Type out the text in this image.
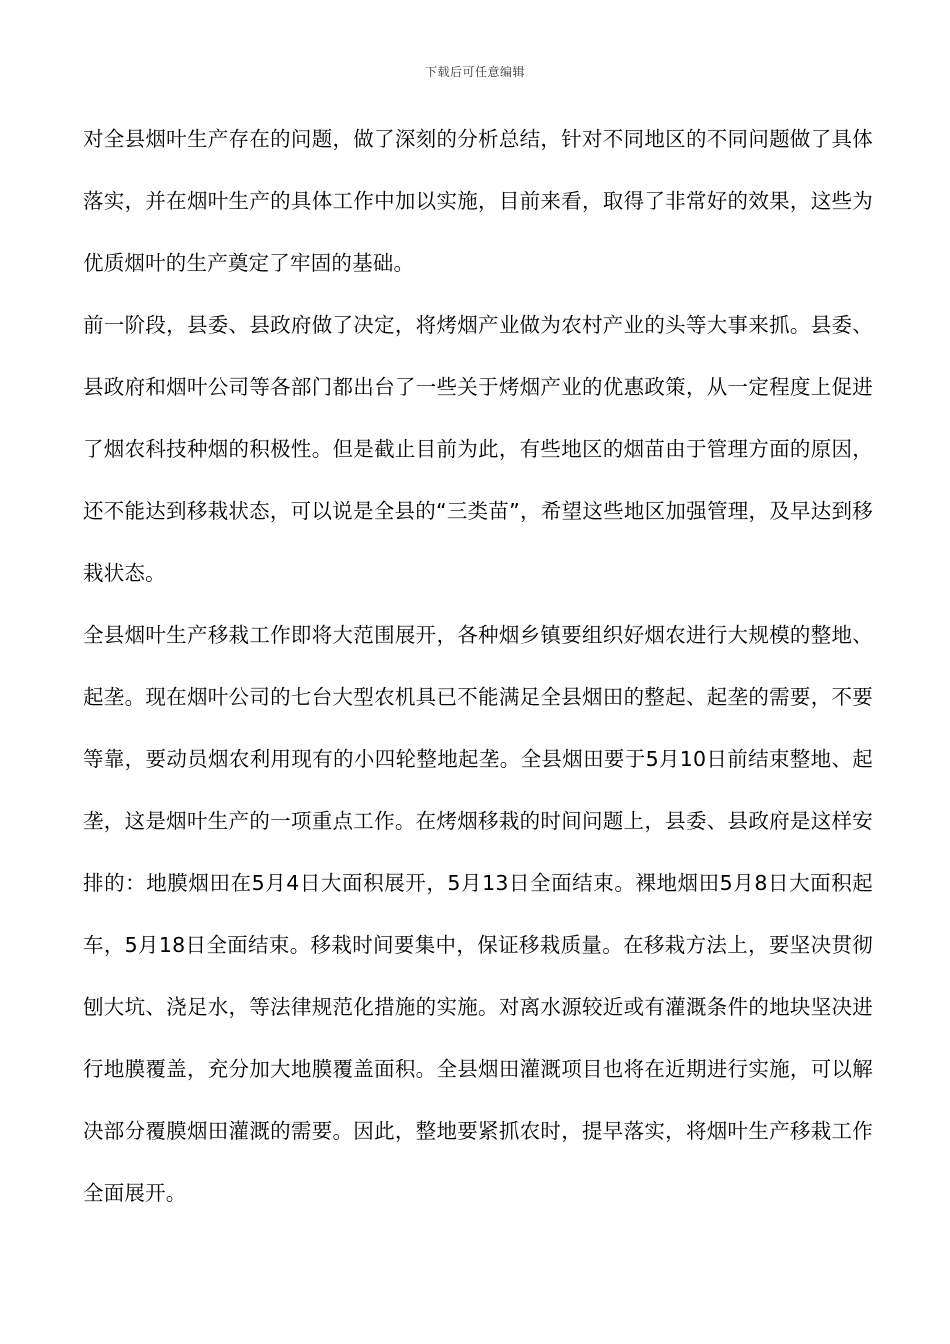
下载后可任意编辑

对全县烟叶生产存在的问题，做了深刻的分析总结，针对不同地区的不同问题做了具体落实，并在烟叶生产的具体工作中加以实施，目前来看，取得了非常好的效果，这些为优质烟叶的生产奠定了牢固的基础。

前一阶段，县委、县政府做了决定，将烤烟产业做为农村产业的头等大事来抓。县委、县政府和烟叶公司等各部门都出台了一些关于烤烟产业的优惠政策，从一定程度上促进了烟农科技种烟的积极性。但是截止目前为此，有些地区的烟苗由于管理方面的原因，还不能达到移栽状态，可以说是全县的“三类苗”，希望这些地区加强管理，及早达到移栽状态。

全县烟叶生产移栽工作即将大范围展开，各种烟乡镇要组织好烟农进行大规模的整地、起垄。现在烟叶公司的七台大型农机具已不能满足全县烟田的整起、起垄的需要，不要等靠，要动员烟农利用现有的小四轮整地起垄。全县烟田要于5月10日前结束整地、起垄，这是烟叶生产的一项重点工作。在烤烟移栽的时间问题上，县委、县政府是这样安排的：地膜烟田在5月4日大面积展开，5月13日全面结束。裸地烟田5月8日大面积起车，5月18日全面结束。移栽时间要集中，保证移栽质量。在移栽方法上，要坚决贯彻刨大坑、浇足水，等法律规范化措施的实施。对离水源较近或有灌溉条件的地块坚决进行地膜覆盖，充分加大地膜覆盖面积。全县烟田灌溉项目也将在近期进行实施，可以解决部分覆膜烟田灌溉的需要。因此，整地要紧抓农时，提早落实，将烟叶生产移栽工作全面展开。
